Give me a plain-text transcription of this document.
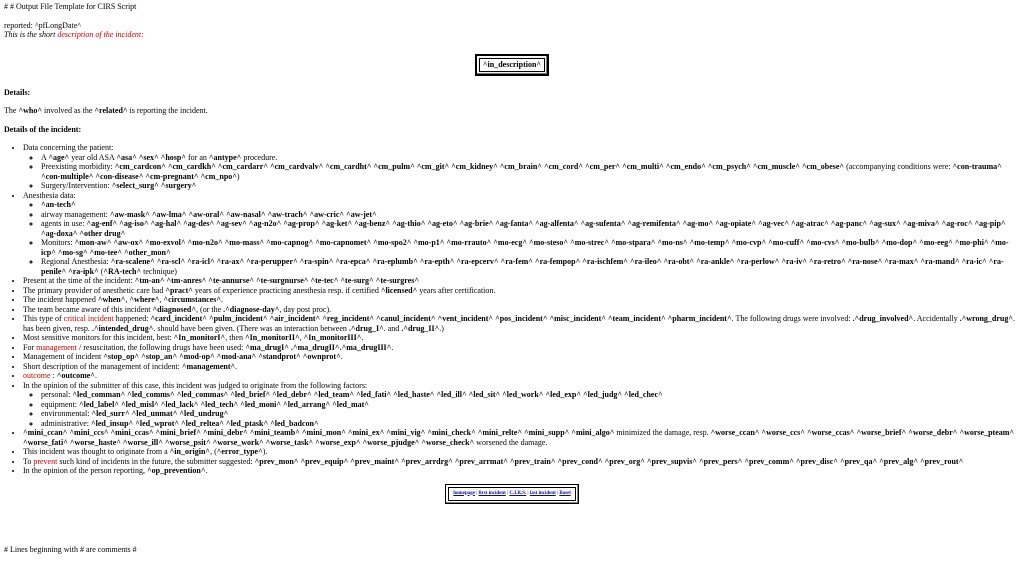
# # Output File Template for CIRS Script
reported: ^pfLongDate^
This is the short description of the incident:
^in_description^
Details:
The ^who^ involved as the ^related^ is reporting the incident.
Details of the incident:
• Data concerning the patient:
◦ A ^age^ year old ASA ^asa^ ^sex^ ^hosp^ for an ^antype^ procedure.
◦ Preexisting morbidity: ^cm_cardcon^ ^cm_cardkh^ ^cm_cardarr^ ^cm_cardvalv^ ^cm_cardht^ ^cm_pulm^ ^cm_git^ ^cm_kidney^ ^cm_brain^ ^cm_cord^ ^cm_per^ ^cm_multi^ ^cm_endo^ ^cm_psych^ ^cm_muscle^ ^cm_obese^ (accompanying conditions were: ^con-trauma^ ^con-multiple^ ^con-disease^ ^cm-pregnant^ ^cm_npo^)
◦ Surgery/Intervention: ^select_surg^ ^surgery^
• Anesthesia data:
◦ ^an-tech^
◦ airway management: ^aw-mask^ ^aw-lma^ ^aw-oral^ ^aw-nasal^ ^aw-trach^ ^aw-cric^ ^aw-jet^
◦ agents in use: ^ag-enf^ ^ag-iso^ ^ag-hal^ ^ag-des^ ^ag-sev^ ^ag-n2o^ ^ag-prop^ ^ag-ket^ ^ag-benz^ ^ag-thio^ ^ag-eto^ ^ag-brie^ ^ag-fanta^ ^ag-alfenta^ ^ag-sufenta^ ^ag-remifenta^ ^ag-mo^ ^ag-opiate^ ^ag-vec^ ^ag-atrac^ ^ag-panc^ ^ag-sux^ ^ag-miva^ ^ag-roc^ ^ag-pip^ ^ag-doxa^ ^other drug^
◦ Monitors: ^mon-aw^ ^aw-ox^ ^mo-exvol^ ^mo-n2o^ ^mo-mass^ ^mo-capnog^ ^mo-capnomet^ ^mo-spo2^ ^mo-p1^ ^mo-rrauto^ ^mo-ecg^ ^mo-steso^ ^mo-strec^ ^mo-stpara^ ^mo-ns^ ^mo-temp^ ^mo-cvp^ ^mo-cuff^ ^mo-cvs^ ^mo-bulb^ ^mo-dop^ ^mo-eeg^ ^mo-phi^ ^mo-icp^ ^mo-sg^ ^mo-tee^ ^other_mon^
◦ Regional Anesthesia: ^ra-scalene^ ^ra-scl^ ^ra-icl^ ^ra-ax^ ^ra-perupper^ ^ra-spin^ ^ra-epca^ ^ra-eplumb^ ^ra-epth^ ^ra-epcerv^ ^ra-fem^ ^ra-fempop^ ^ra-ischfem^ ^ra-ileo^ ^ra-obt^ ^ra-ankle^ ^ra-perlow^ ^ra-iv^ ^ra-retro^ ^ra-nose^ ^ra-max^ ^ra-mand^ ^ra-ic^ ^ra-penile^ ^ra-ipk^ (^RA-tech^ technique)
• Present at the time of the incident: ^tm-an^ ^tm-anres^ ^te-annurse^ ^te-surgnurse^ ^te-tec^ ^te-surg^ ^te-surgres^
• The primary provider of anesthetic care had ^pract^ years of experience practicing anesthesia resp. if certified ^licensed^ years after certification.
• The incident happened ^when^, ^where^, ^circumstances^.
• The team became aware of this incident ^diagnosed^, (or the .^diagnose-day^, day post proc).
• This type of critical incident happened: ^card_incident^ ^pulm_incident^ ^air_incident^ ^reg_incident^ ^canul_incident^ ^vent_incident^ ^pos_incident^ ^misc_incident^ ^team_incident^ ^pharm_incident^. The following drugs were involved: .^drug_involved^. Accidentally .^wrong_drug^. has been given, resp. .^intended_drug^. should have been given. (There was an interaction between .^drug_I^. and .^drug_II^.)
• Most sensitive monitors for this incident, best: ^In_monitorI^, then ^In_monitorII^, ^In_monitorIII^.
• For management / resuscitation, the following drugs have been used: ^ma_drugI^ .^ma_drugII^.^ma_drugIII^.
• Management of incident ^stop_op^ ^stop_an^ ^mod-op^ ^mod-ana^ ^standprot^ ^ownprot^.
• Short description of the management of incident: ^management^.
• outcome : ^outcome^.
• In the opinion of the submitter of this case, this incident was judged to originate from the following factors:
◦ personal: ^led_comman^ ^led_comms^ ^led_commas^ ^led_brief^ ^led_debr^ ^led_team^ ^led_fati^ ^led_haste^ ^led_ill^ ^led_sit^ ^led_work^ ^led_exp^ ^led_judg^ ^led_chec^
◦ equipment: ^led_label^ ^led_misl^ ^led_lack^ ^led_tech^ ^led_moni^ ^led_arrang^ ^led_mat^
◦ environmental: ^led_surr^ ^led_unmat^ ^led_undrug^
◦ administrative: ^led_insup^ ^led_wprot^ ^led_reltea^ ^led_ptask^ ^led_badcon^
• ^mini_ccan^ ^mini_ccs^ ^mini_ccas^ ^mini_brief^ ^mini_debr^ ^mini_teamb^ ^mini_mon^ ^mini_ex^ ^mini_vig^ ^mini_check^ ^mini_relte^ ^mini_supp^ ^mini_algo^ minimized the damage, resp. ^worse_ccan^ ^worse_ccs^ ^worse_ccas^ ^worse_brief^ ^worse_debr^ ^worse_pteam^ ^worse_fati^ ^worse_haste^ ^worse_ill^ ^worse_psit^ ^worse_work^ ^worse_task^ ^worse_exp^ ^worse_pjudge^ ^worse_check^ worsened the damage.
• This incident was thought to originate from a ^in_origin^, (^error_type^).
• To prevent such kind of incidents in the future, the submitter suggested: ^prev_mon^ ^prev_equip^ ^prev_maint^ ^prev_arrdrg^ ^prev_arrmat^ ^prev_train^ ^prev_cond^ ^prev_org^ ^prev_supvis^ ^prev_pers^ ^prev_comm^ ^prev_disc^ ^prev_qa^ ^prev_alg^ ^prev_rout^
• In the opinion of the person reporting, ^op_prevention^.
homepage | first incident | C.I.R.S. | last incident | Basel
# Lines beginning with # are comments #
